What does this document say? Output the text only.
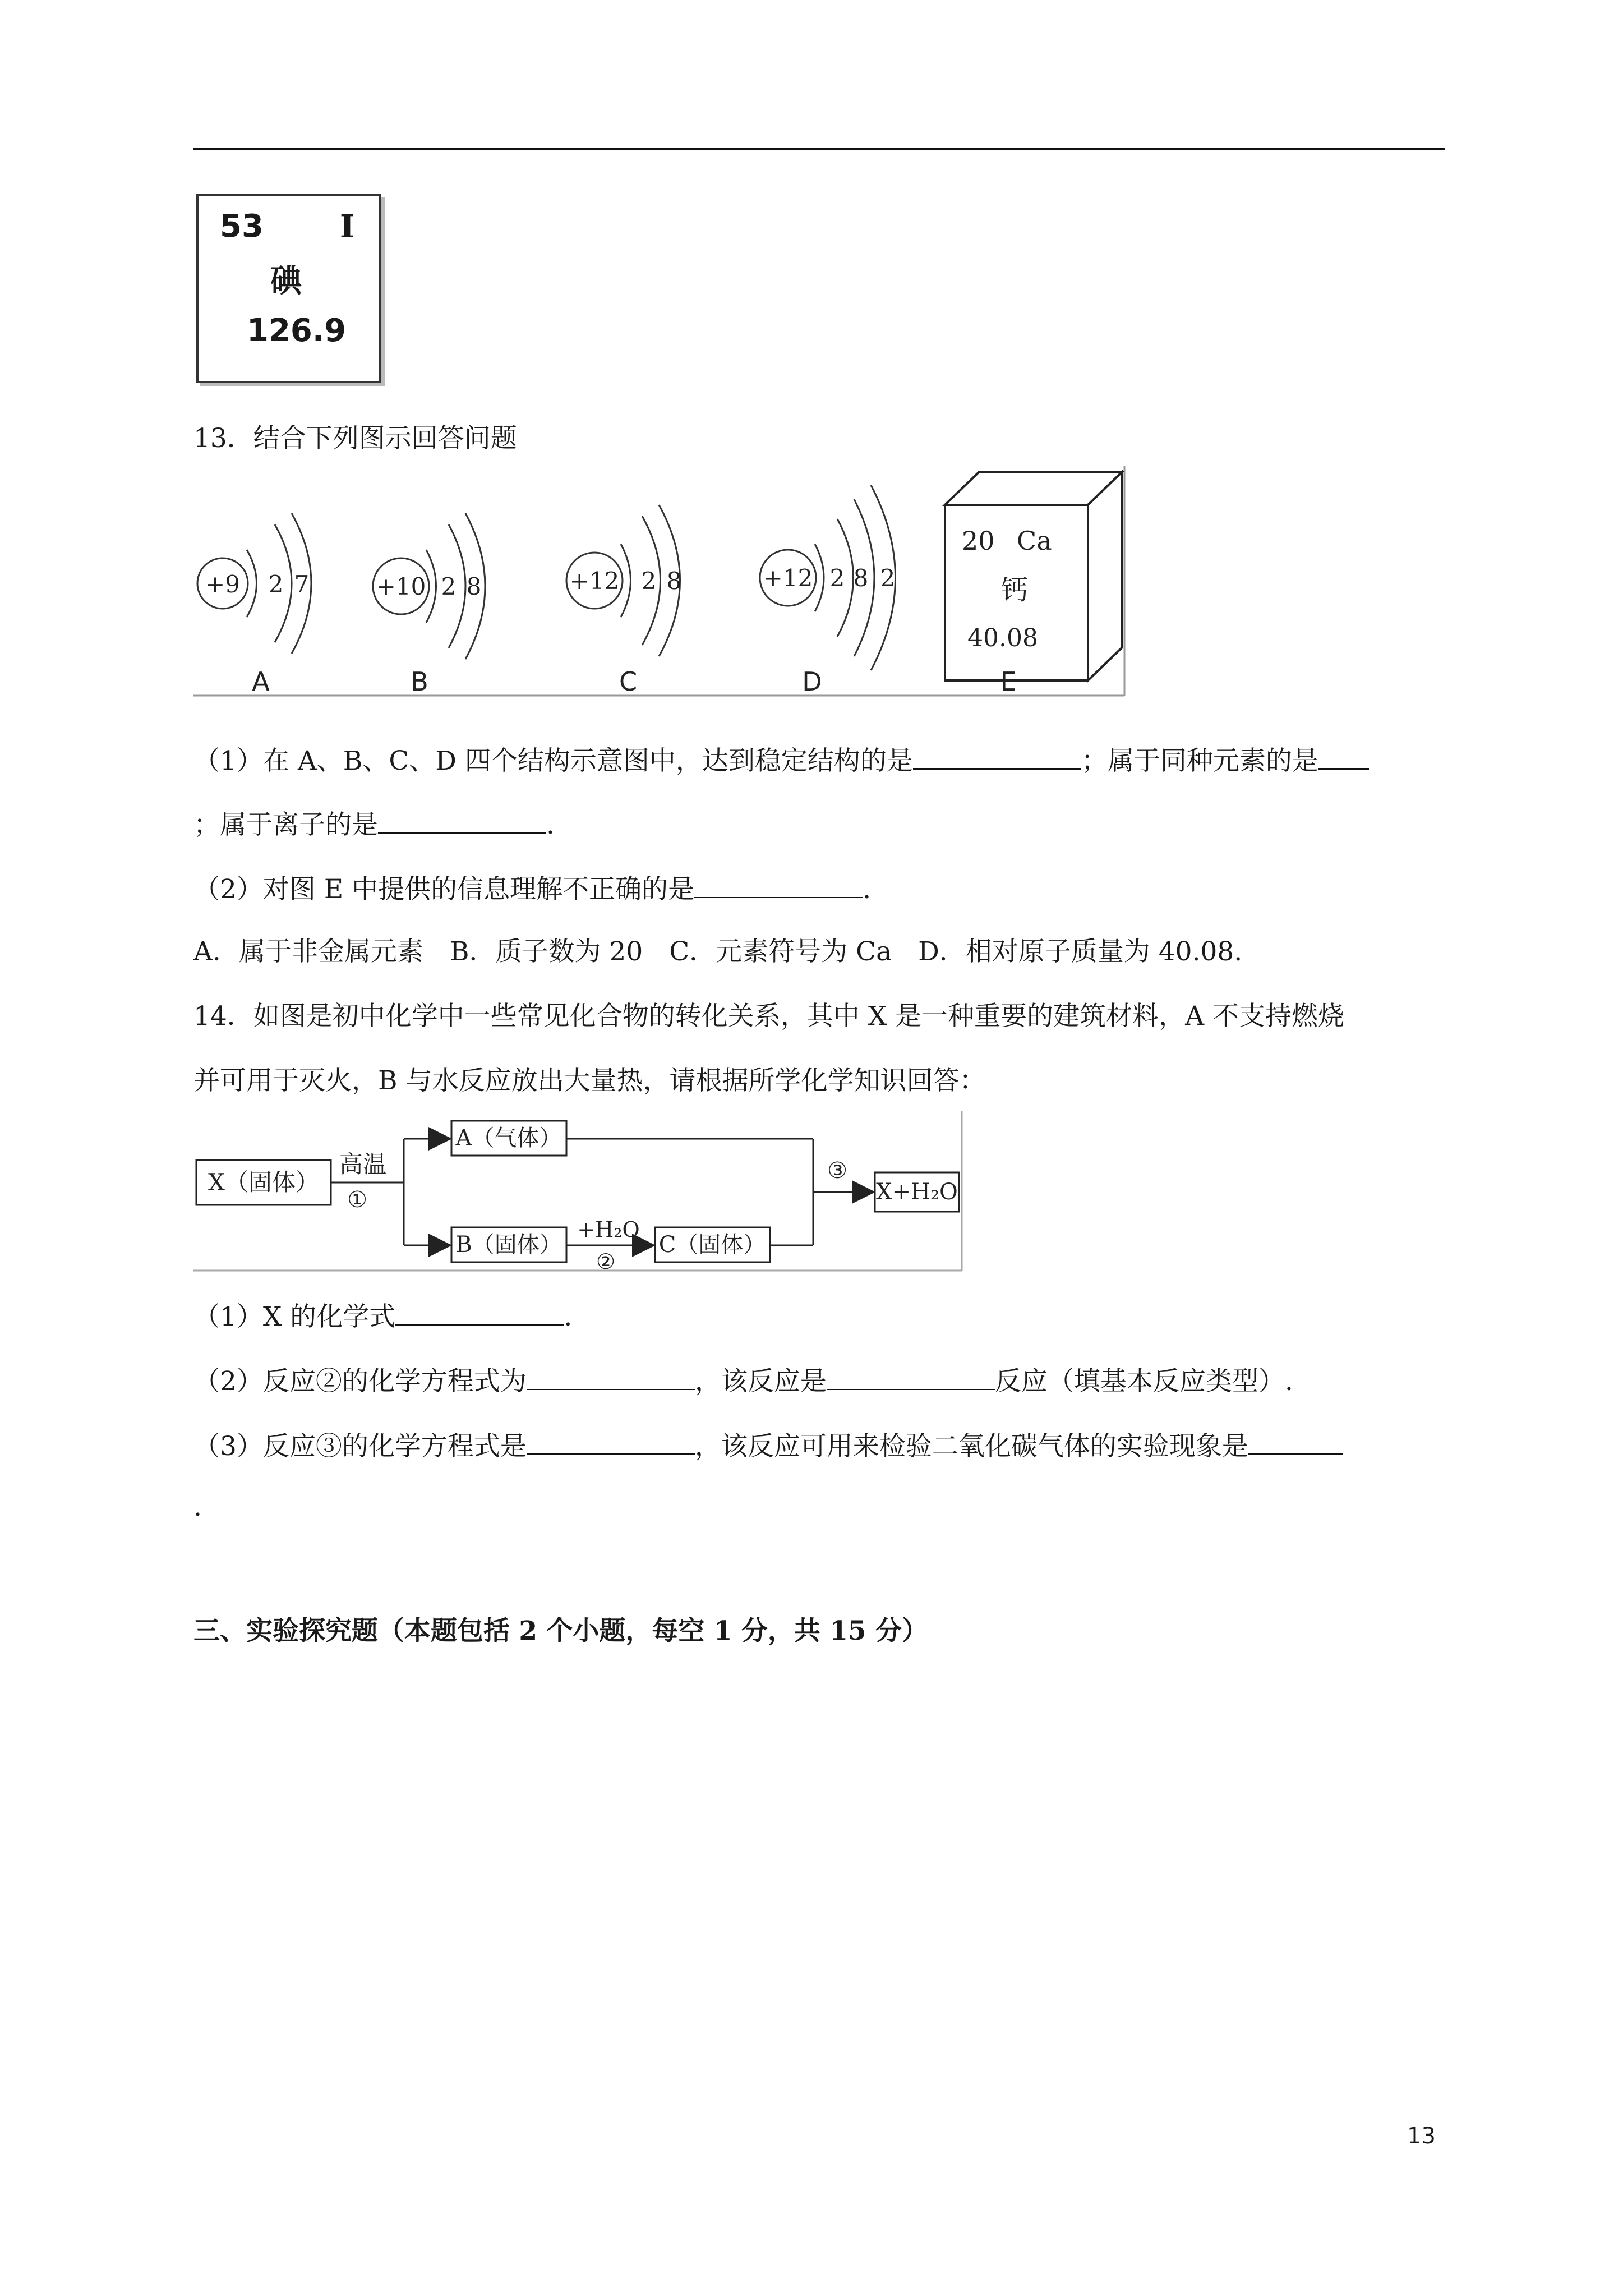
53 I
碘
126.9
13．结合下列图示回答问题
+9 2 7	+10 2 8	+12 2 8	+12 2 8 2
20 Ca
钙
40.08
A	B	C	D	E
（1）在 A、B、C、D 四个结构示意图中，达到稳定结构的是	；属于同种元素的是
；属于离子的是	.
（2）对图 E 中提供的信息理解不正确的是	.
A．属于非金属元素　B．质子数为 20　C．元素符号为 Ca　D．相对原子质量为 40.08.
14．如图是初中化学中一些常见化合物的转化关系，其中 X 是一种重要的建筑材料，A 不支持燃烧
并可用于灭火，B 与水反应放出大量热，请根据所学化学知识回答：
X（固体）
高温
①
A（气体）
B（固体）
+H₂O
②
C（固体）
③
X+H₂O
（1）X 的化学式	.
（2）反应②的化学方程式为	，该反应是	反应（填基本反应类型）.
（3）反应③的化学方程式是	，该反应可用来检验二氧化碳气体的实验现象是
.
三、实验探究题（本题包括 2 个小题，每空 1 分，共 15 分）
13
